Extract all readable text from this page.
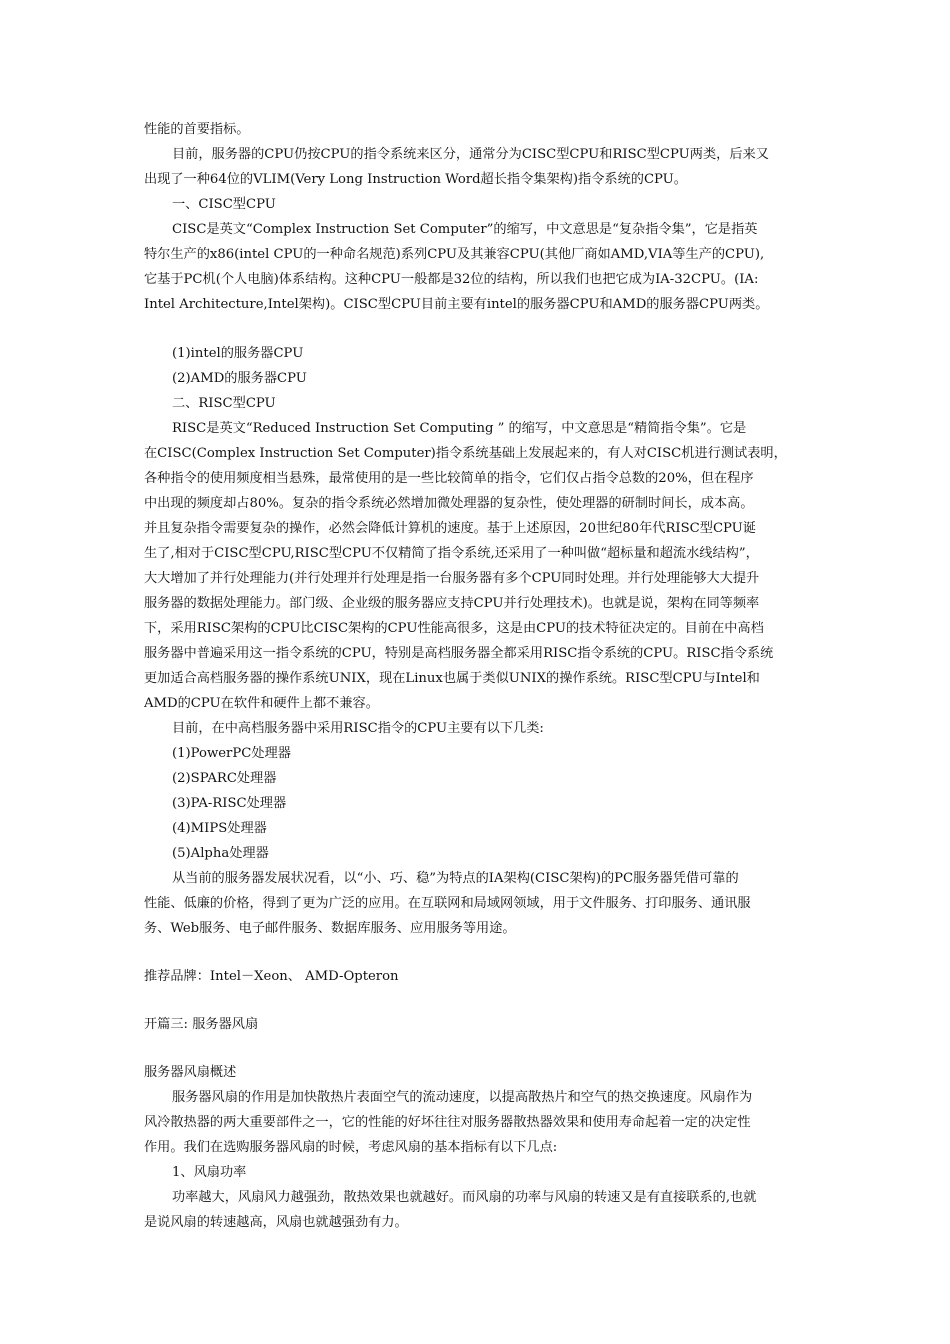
性能的首要指标。
目前，服务器的CPU仍按CPU的指令系统来区分，通常分为CISC型CPU和RISC型CPU两类，后来又
出现了一种64位的VLIM(Very Long Instruction Word超长指令集架构)指令系统的CPU。
一、CISC型CPU
CISC是英文“Complex Instruction Set Computer”的缩写，中文意思是“复杂指令集”，它是指英
特尔生产的x86(intel CPU的一种命名规范)系列CPU及其兼容CPU(其他厂商如AMD,VIA等生产的CPU),
它基于PC机(个人电脑)体系结构。这种CPU一般都是32位的结构，所以我们也把它成为IA-32CPU。(IA:
Intel Architecture,Intel架构)。CISC型CPU目前主要有intel的服务器CPU和AMD的服务器CPU两类。
(1)intel的服务器CPU
(2)AMD的服务器CPU
二、RISC型CPU
RISC是英文“Reduced Instruction Set Computing ” 的缩写，中文意思是“精简指令集”。它是
在CISC(Complex Instruction Set Computer)指令系统基础上发展起来的，有人对CISC机进行测试表明，
各种指令的使用频度相当悬殊，最常使用的是一些比较简单的指令，它们仅占指令总数的20%，但在程序
中出现的频度却占80%。复杂的指令系统必然增加微处理器的复杂性，使处理器的研制时间长，成本高。
并且复杂指令需要复杂的操作，必然会降低计算机的速度。基于上述原因，20世纪80年代RISC型CPU诞
生了,相对于CISC型CPU,RISC型CPU不仅精简了指令系统,还采用了一种叫做“超标量和超流水线结构”，
大大增加了并行处理能力(并行处理并行处理是指一台服务器有多个CPU同时处理。并行处理能够大大提升
服务器的数据处理能力。部门级、企业级的服务器应支持CPU并行处理技术)。也就是说，架构在同等频率
下，采用RISC架构的CPU比CISC架构的CPU性能高很多，这是由CPU的技术特征决定的。目前在中高档
服务器中普遍采用这一指令系统的CPU，特别是高档服务器全都采用RISC指令系统的CPU。RISC指令系统
更加适合高档服务器的操作系统UNIX，现在Linux也属于类似UNIX的操作系统。RISC型CPU与Intel和
AMD的CPU在软件和硬件上都不兼容。
目前，在中高档服务器中采用RISC指令的CPU主要有以下几类:
(1)PowerPC处理器
(2)SPARC处理器
(3)PA-RISC处理器
(4)MIPS处理器
(5)Alpha处理器
从当前的服务器发展状况看，以“小、巧、稳”为特点的IA架构(CISC架构)的PC服务器凭借可靠的
性能、低廉的价格，得到了更为广泛的应用。在互联网和局域网领域，用于文件服务、打印服务、通讯服
务、Web服务、电子邮件服务、数据库服务、应用服务等用途。
推荐品牌：Intel－Xeon、 AMD-Opteron
开篇三: 服务器风扇
服务器风扇概述
服务器风扇的作用是加快散热片表面空气的流动速度，以提高散热片和空气的热交换速度。风扇作为
风冷散热器的两大重要部件之一，它的性能的好坏往往对服务器散热器效果和使用寿命起着一定的决定性
作用。我们在选购服务器风扇的时候，考虑风扇的基本指标有以下几点:
1、风扇功率
功率越大，风扇风力越强劲，散热效果也就越好。而风扇的功率与风扇的转速又是有直接联系的,也就
是说风扇的转速越高，风扇也就越强劲有力。
